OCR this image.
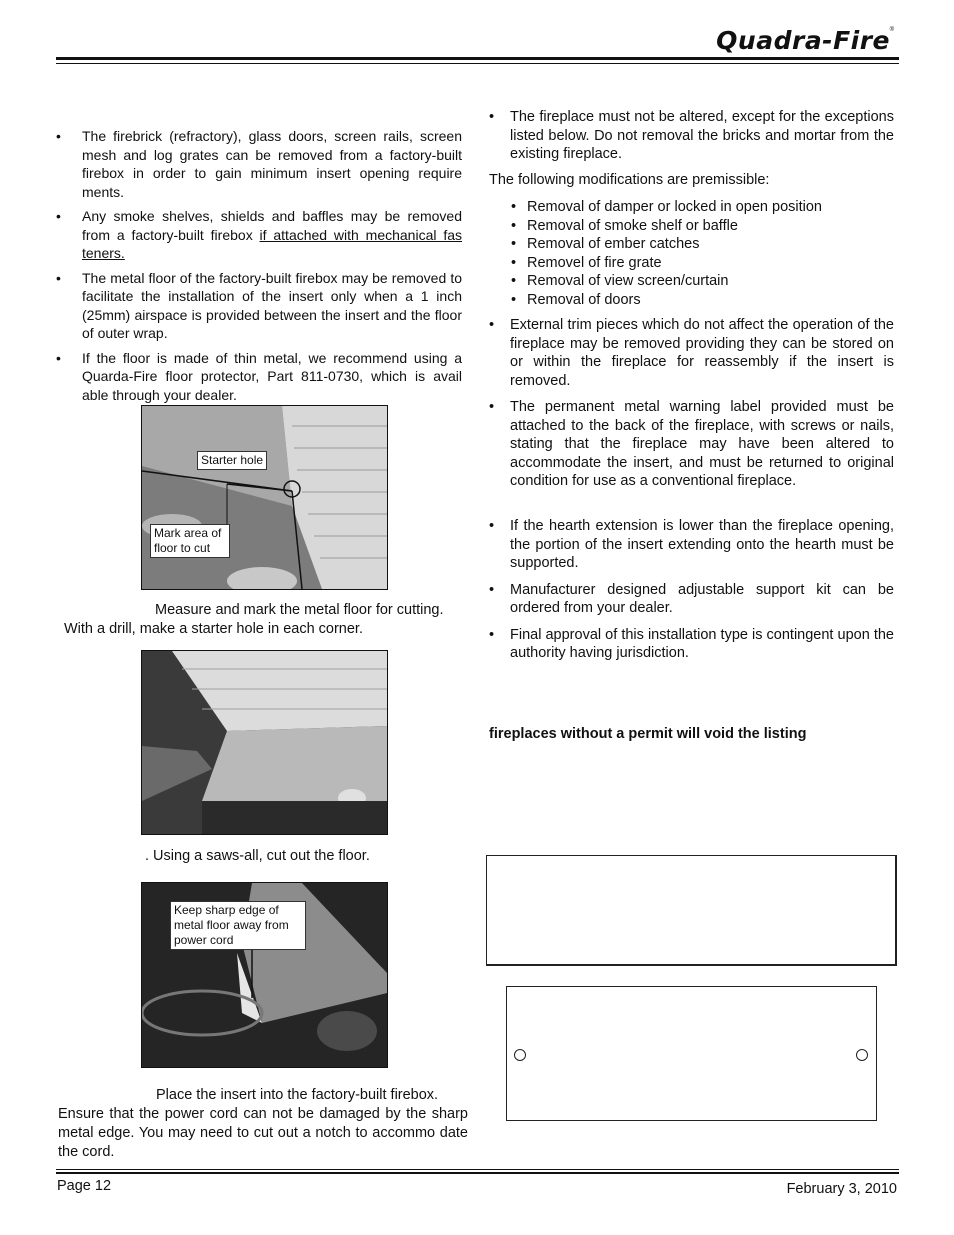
Quadra-Fire ®
• The firebrick (refractory), glass doors, screen rails, screen mesh and log grates can be removed from a factory-built firebox in order to gain minimum insert opening require ments.
• Any smoke shelves, shields and baffles may be removed from a factory-built firebox if attached with mechanical fas teners.
• The metal floor of the factory-built firebox may be removed to facilitate the installation of the insert only when a 1 inch (25mm) airspace is provided between the insert and the floor of outer wrap.
• If the floor is made of thin metal, we recommend using a Quarda-Fire floor protector, Part 811-0730, which is avail able through your dealer.
Starter hole
Mark area of floor to cut
Measure and mark the metal floor for cutting.
With a drill, make a starter hole in each corner.
. Using a saws-all, cut out the floor.
Keep sharp edge of metal floor away from power cord
Place the insert into the factory-built firebox.
Ensure that the power cord can not be damaged by the sharp metal edge. You may need to cut out a notch to accommo date the cord.
• The fireplace must not be altered, except for the exceptions listed below. Do not removal the bricks and mortar from the existing fireplace.
The following modifications are premissible:
• Removal of damper or locked in open position
• Removal of smoke shelf or baffle
• Removal of ember catches
• Removel of fire grate
• Removal of view screen/curtain
• Removal of doors
• External trim pieces which do not affect the operation of the fireplace may be removed providing they can be stored on or within the fireplace for reassembly if the insert is removed.
• The permanent metal warning label provided must be attached to the back of the fireplace, with screws or nails, stating that the fireplace may have been altered to accommodate the insert, and must be returned to original condition for use as a conventional fireplace.
• If the hearth extension is lower than the fireplace opening, the portion of the insert extending onto the hearth must be supported.
• Manufacturer designed adjustable support kit can be ordered from your dealer.
• Final approval of this installation type is contingent upon the authority having jurisdiction.
fireplaces without a permit will void the listing
Page 12	February 3, 2010
